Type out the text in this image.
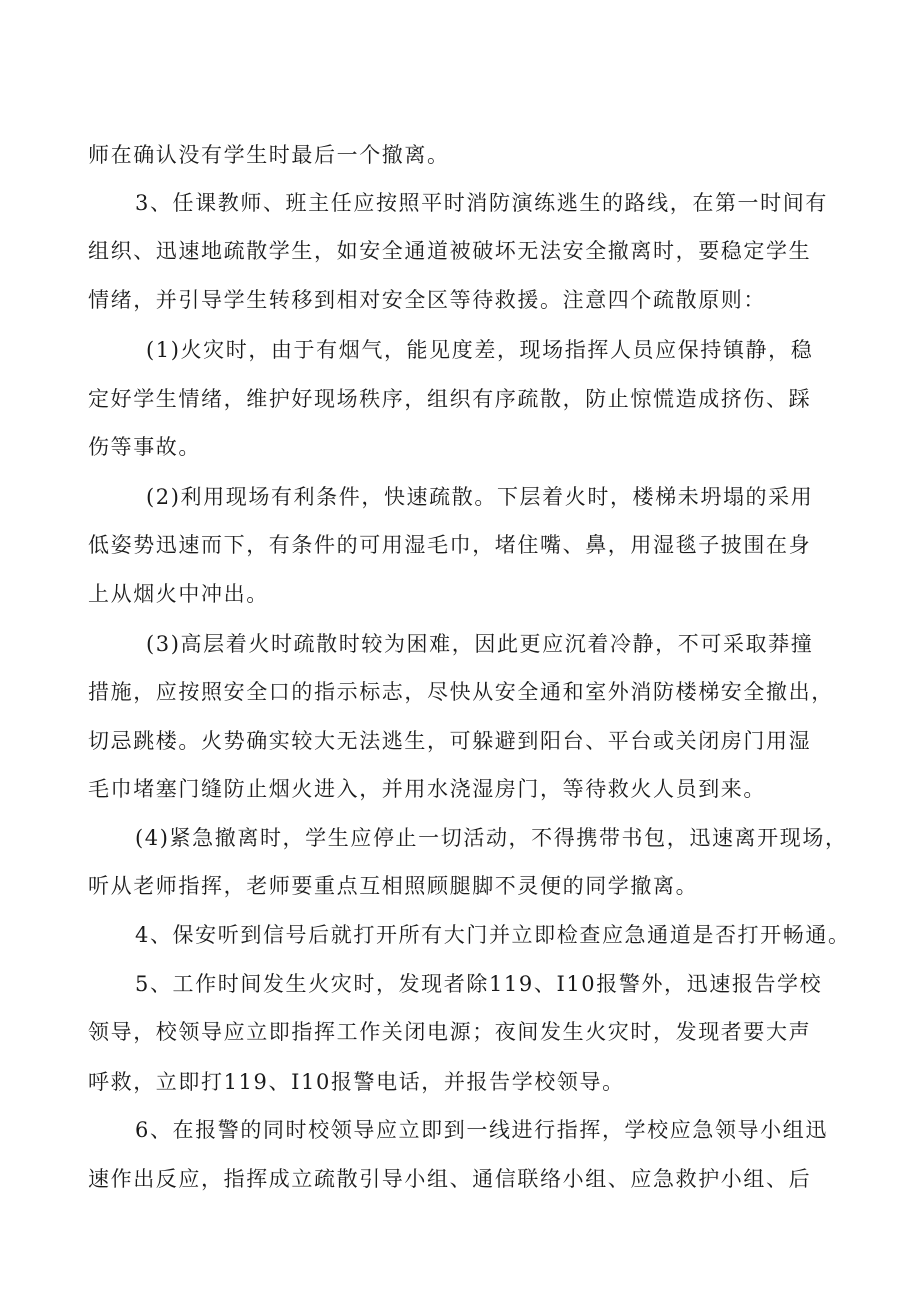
师在确认没有学生时最后一个撤离。
3、任课教师、班主任应按照平时消防演练逃生的路线，在第一时间有
组织、迅速地疏散学生，如安全通道被破坏无法安全撤离时，要稳定学生
情绪，并引导学生转移到相对安全区等待救援。注意四个疏散原则：
(1)火灾时，由于有烟气，能见度差，现场指挥人员应保持镇静，稳
定好学生情绪，维护好现场秩序，组织有序疏散，防止惊慌造成挤伤、踩
伤等事故。
(2)利用现场有利条件，快速疏散。下层着火时，楼梯未坍塌的采用
低姿势迅速而下，有条件的可用湿毛巾，堵住嘴、鼻，用湿毯子披围在身
上从烟火中冲出。
(3)高层着火时疏散时较为困难，因此更应沉着冷静，不可采取莽撞
措施，应按照安全口的指示标志，尽快从安全通和室外消防楼梯安全撤出，
切忌跳楼。火势确实较大无法逃生，可躲避到阳台、平台或关闭房门用湿
毛巾堵塞门缝防止烟火进入，并用水浇湿房门，等待救火人员到来。
(4)紧急撤离时，学生应停止一切活动，不得携带书包，迅速离开现场，
听从老师指挥，老师要重点互相照顾腿脚不灵便的同学撤离。
4、保安听到信号后就打开所有大门并立即检查应急通道是否打开畅通。
5、工作时间发生火灾时，发现者除119、I10报警外，迅速报告学校
领导，校领导应立即指挥工作关闭电源；夜间发生火灾时，发现者要大声
呼救，立即打119、I10报警电话，并报告学校领导。
6、在报警的同时校领导应立即到一线进行指挥，学校应急领导小组迅
速作出反应，指挥成立疏散引导小组、通信联络小组、应急救护小组、后
